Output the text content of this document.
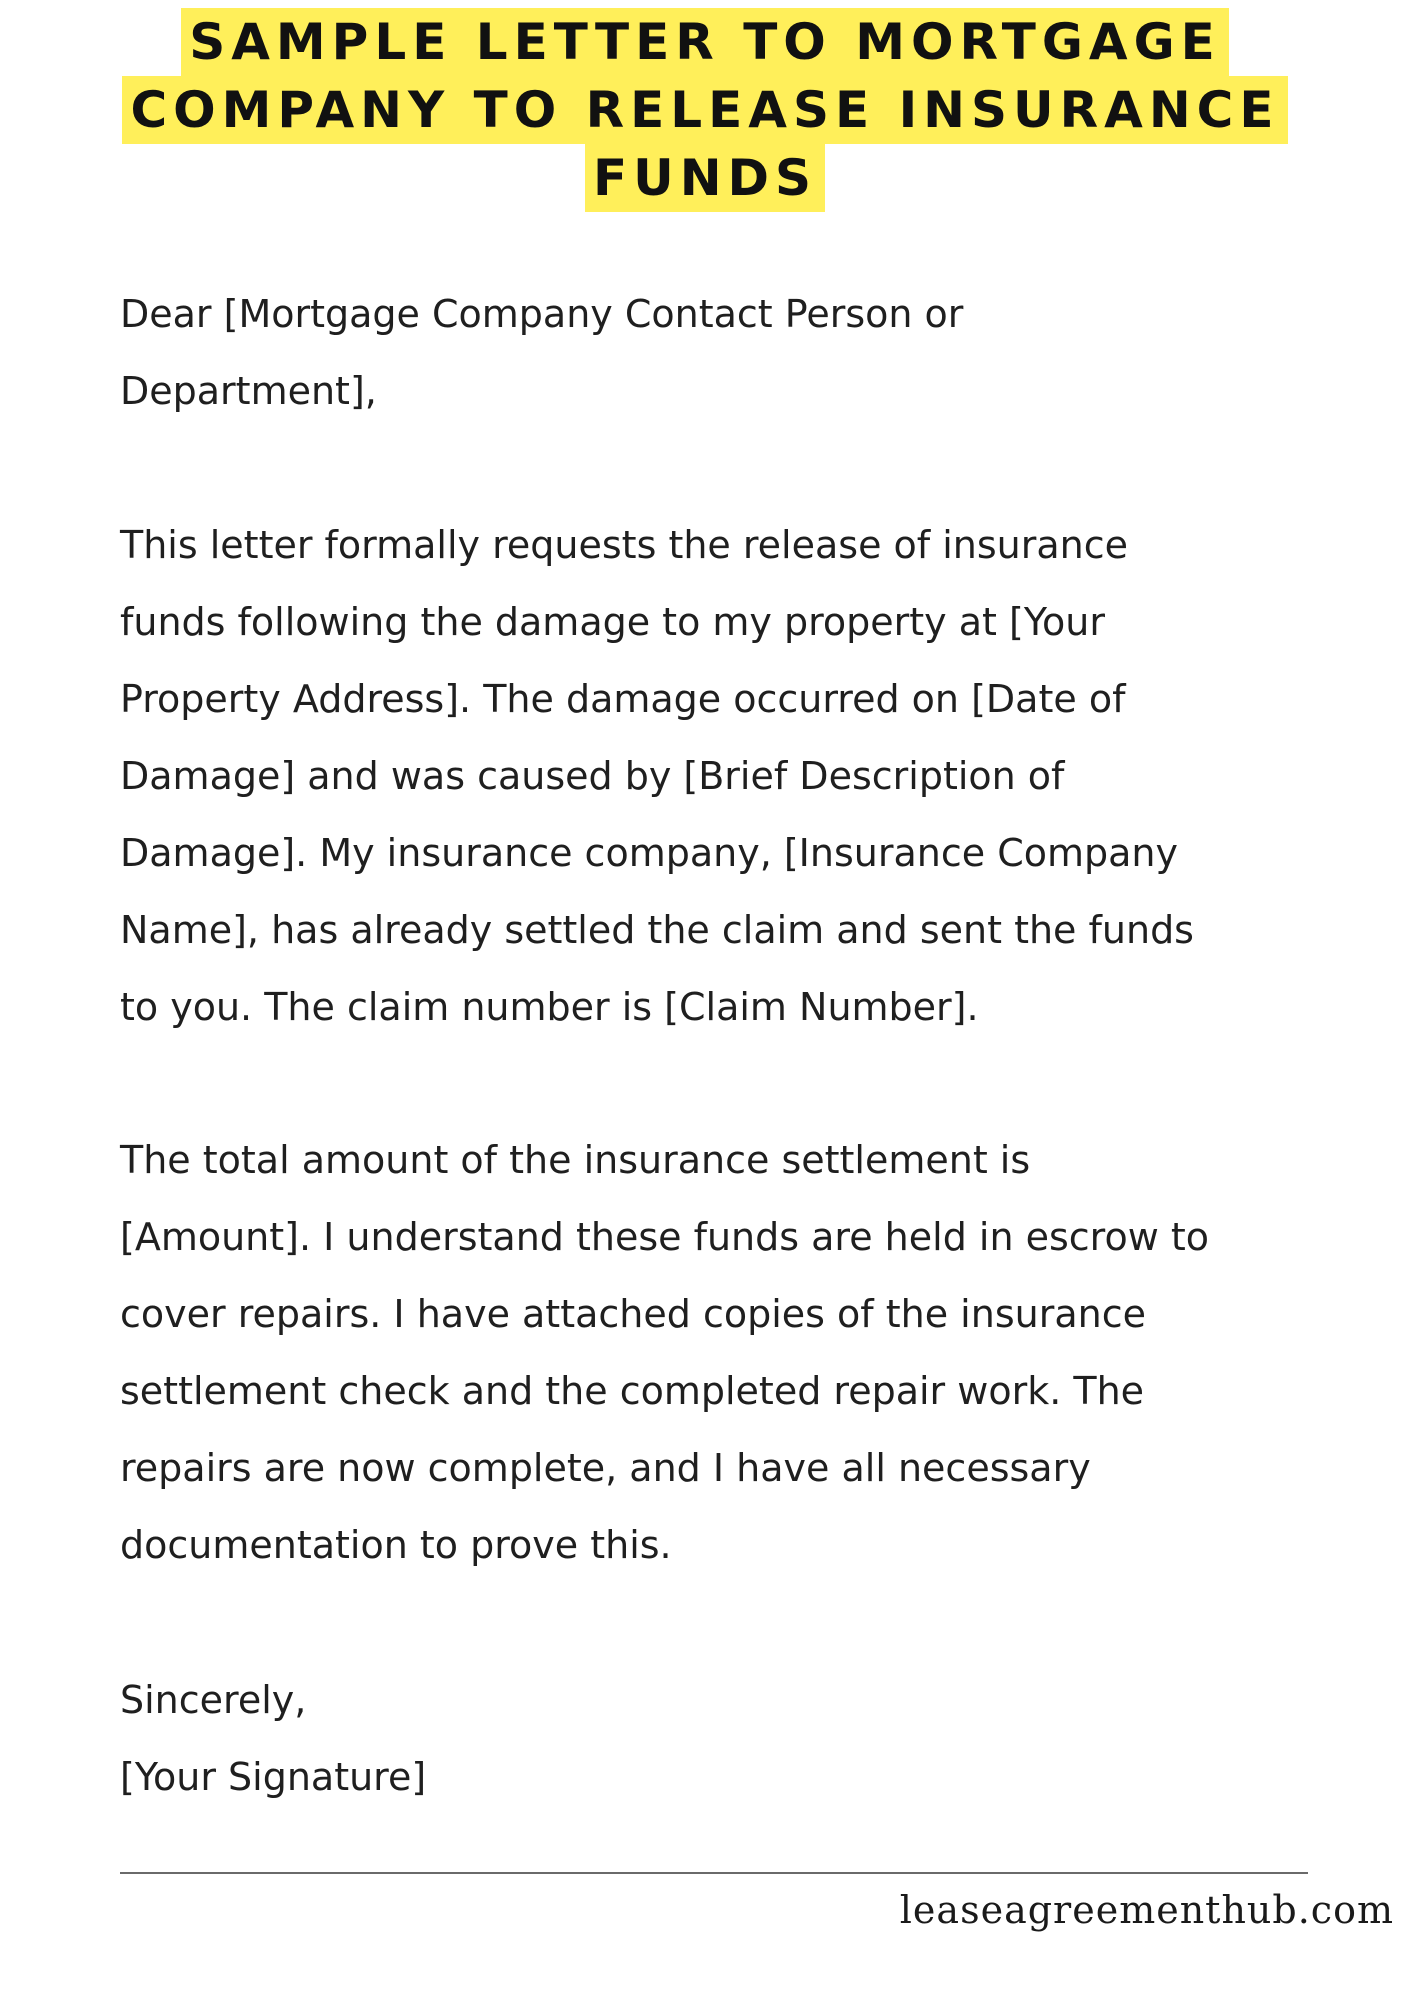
SAMPLE LETTER TO MORTGAGE
COMPANY TO RELEASE INSURANCE
FUNDS

Dear [Mortgage Company Contact Person or
Department],

This letter formally requests the release of insurance
funds following the damage to my property at [Your
Property Address]. The damage occurred on [Date of
Damage] and was caused by [Brief Description of
Damage]. My insurance company, [Insurance Company
Name], has already settled the claim and sent the funds
to you. The claim number is [Claim Number].

The total amount of the insurance settlement is
[Amount]. I understand these funds are held in escrow to
cover repairs. I have attached copies of the insurance
settlement check and the completed repair work. The
repairs are now complete, and I have all necessary
documentation to prove this.

Sincerely,
[Your Signature]

leaseagreementhub.com
